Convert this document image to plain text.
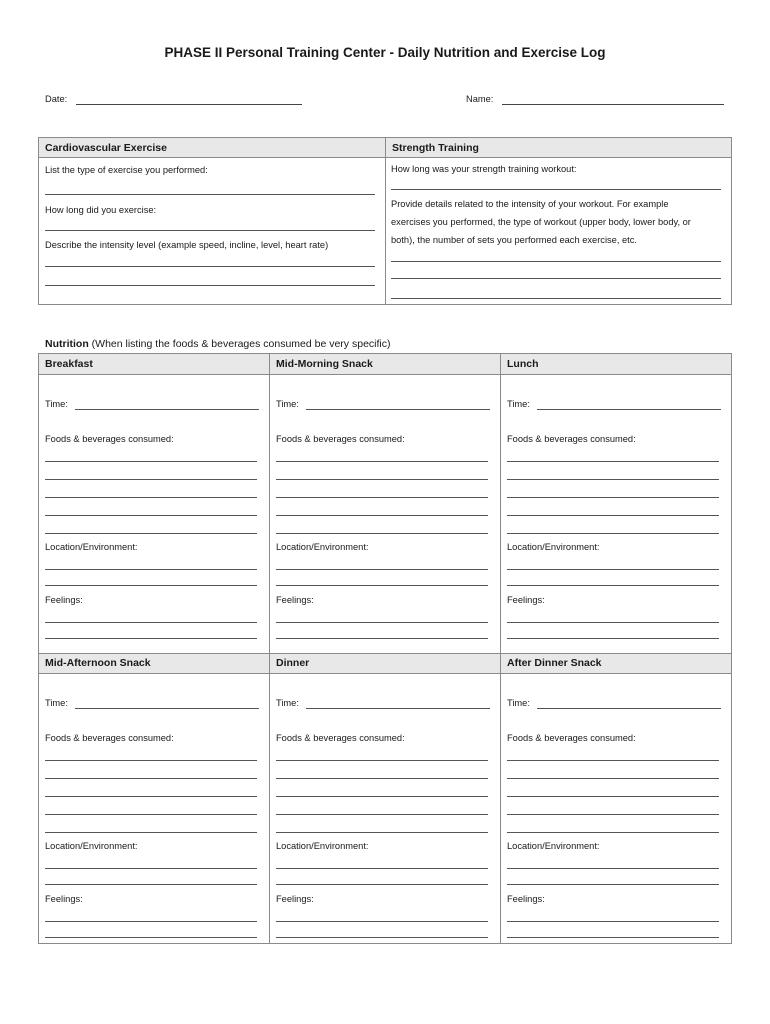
PHASE II Personal Training Center - Daily Nutrition and Exercise Log
Date:	Name:
Cardiovascular Exercise	Strength Training
List the type of exercise you performed:
How long did you exercise:
Describe the intensity level (example speed, incline, level, heart rate)
How long was your strength training workout:
Provide details related to the intensity of your workout. For example
exercises you performed, the type of workout (upper body, lower body, or
both), the number of sets you performed each exercise, etc.
Nutrition (When listing the foods & beverages consumed be very specific)
Breakfast
Time:
Foods & beverages consumed:
Location/Environment:
Feelings:
Mid-Morning Snack
Time:
Foods & beverages consumed:
Location/Environment:
Feelings:
Lunch
Time:
Foods & beverages consumed:
Location/Environment:
Feelings:
Mid-Afternoon Snack
Time:
Foods & beverages consumed:
Location/Environment:
Feelings:
Dinner
Time:
Foods & beverages consumed:
Location/Environment:
Feelings:
After Dinner Snack
Time:
Foods & beverages consumed:
Location/Environment:
Feelings:
